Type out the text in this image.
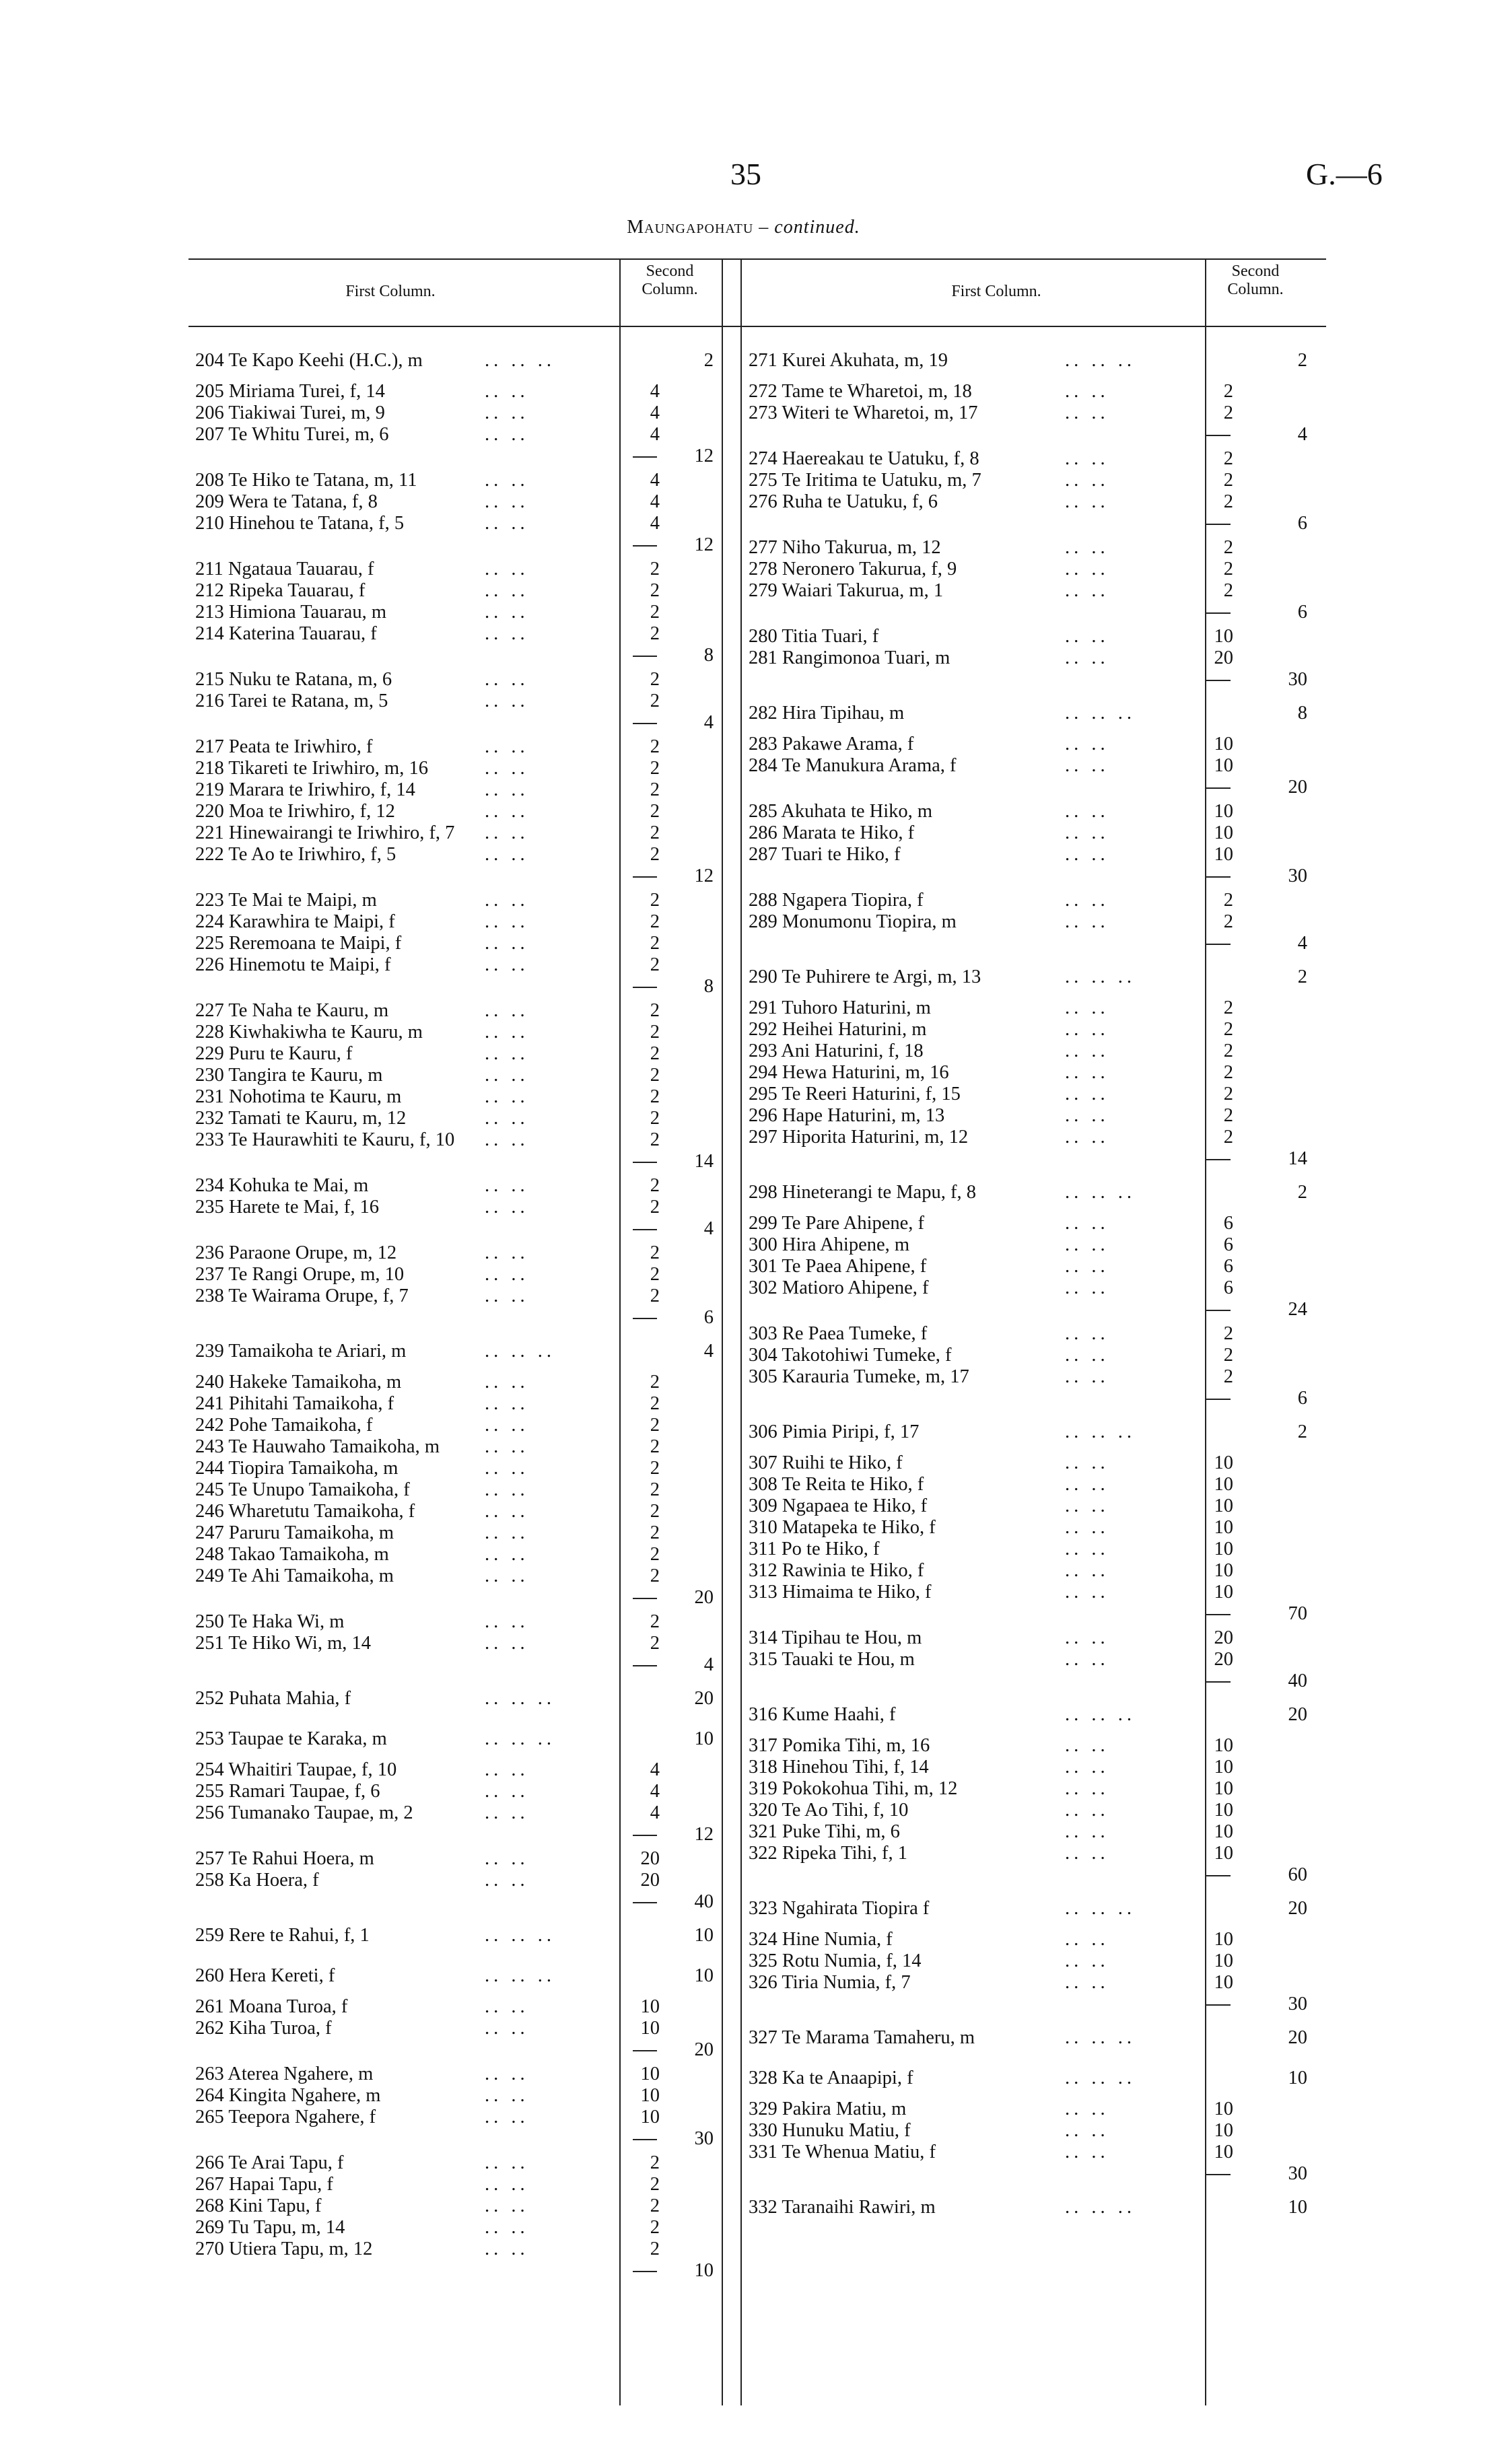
35	G.—6
Maungapohatu – continued.
First Column.
Second
Column.	First Column.
Second
Column.
204 Te Kapo Keehi (H.C.), m	.. .. ..	2
205 Miriama Turei, f, 14	.. ..	4
206 Tiakiwai Turei, m, 9	.. ..	4
207 Te Whitu Turei, m, 6	.. ..	4
12
208 Te Hiko te Tatana, m, 11	.. ..	4
209 Wera te Tatana, f, 8	.. ..	4
210 Hinehou te Tatana, f, 5	.. ..	4
12
211 Ngataua Tauarau, f	.. ..	2
212 Ripeka Tauarau, f	.. ..	2
213 Himiona Tauarau, m	.. ..	2
214 Katerina Tauarau, f	.. ..	2
8
215 Nuku te Ratana, m, 6	.. ..	2
216 Tarei te Ratana, m, 5	.. ..	2
4
217 Peata te Iriwhiro, f	.. ..	2
218 Tikareti te Iriwhiro, m, 16	.. ..	2
219 Marara te Iriwhiro, f, 14	.. ..	2
220 Moa te Iriwhiro, f, 12	.. ..	2
221 Hinewairangi te Iriwhiro, f, 7 .. ..	2
222 Te Ao te Iriwhiro, f, 5	.. ..	2
12
223 Te Mai te Maipi, m	.. ..	2
224 Karawhira te Maipi, f	.. ..	2
225 Reremoana te Maipi, f	.. ..	2
226 Hinemotu te Maipi, f	.. ..	2
8
227 Te Naha te Kauru, m	.. ..	2
228 Kiwhakiwha te Kauru, m	.. ..	2
229 Puru te Kauru, f	.. ..	2
230 Tangira te Kauru, m	.. ..	2
231 Nohotima te Kauru, m	.. ..	2
232 Tamati te Kauru, m, 12	.. ..	2
233 Te Haurawhiti te Kauru, f, 10 .. ..	2
14
234 Kohuka te Mai, m	.. ..	2
235 Harete te Mai, f, 16	.. ..	2
4
236 Paraone Orupe, m, 12	.. ..	2
237 Te Rangi Orupe, m, 10	.. ..	2
238 Te Wairama Orupe, f, 7	.. ..	2
6
239 Tamaikoha te Ariari, m	.. .. ..	4
240 Hakeke Tamaikoha, m	.. ..	2
241 Pihitahi Tamaikoha, f	.. ..	2
242 Pohe Tamaikoha, f	.. ..	2
243 Te Hauwaho Tamaikoha, m .. ..	2
244 Tiopira Tamaikoha, m	.. ..	2
245 Te Unupo Tamaikoha, f	.. ..	2
246 Wharetutu Tamaikoha, f	.. ..	2
247 Paruru Tamaikoha, m	.. ..	2
248 Takao Tamaikoha, m	.. ..	2
249 Te Ahi Tamaikoha, m	.. ..	2
20
250 Te Haka Wi, m	.. ..	2
251 Te Hiko Wi, m, 14	.. ..	2
4
252 Puhata Mahia, f	.. .. ..	20
253 Taupae te Karaka, m	.. .. ..	10
254 Whaitiri Taupae, f, 10	.. ..	4
255 Ramari Taupae, f, 6	.. ..	4
256 Tumanako Taupae, m, 2	.. ..	4
12
257 Te Rahui Hoera, m	.. ..	20
258 Ka Hoera, f	.. ..	20
40
259 Rere te Rahui, f, 1	.. .. ..	10
260 Hera Kereti, f	.. .. ..	10
261 Moana Turoa, f	.. ..	10
262 Kiha Turoa, f	.. ..	10
20
263 Aterea Ngahere, m	.. ..	10
264 Kingita Ngahere, m	.. ..	10
265 Teepora Ngahere, f	.. ..	10
30
266 Te Arai Tapu, f	.. ..	2
267 Hapai Tapu, f	.. ..	2
268 Kini Tapu, f	.. ..	2
269 Tu Tapu, m, 14	.. ..	2
270 Utiera Tapu, m, 12	.. ..	2
10
271 Kurei Akuhata, m, 19	.. .. ..	2
272 Tame te Wharetoi, m, 18	.. ..	2
273 Witeri te Wharetoi, m, 17	.. ..	2
4
274 Haereakau te Uatuku, f, 8	.. ..	2
275 Te Iritima te Uatuku, m, 7	.. ..	2
276 Ruha te Uatuku, f, 6	.. ..	2
6
277 Niho Takurua, m, 12	.. ..	2
278 Neronero Takurua, f, 9	.. ..	2
279 Waiari Takurua, m, 1	.. ..	2
6
280 Titia Tuari, f	.. ..	10
281 Rangimonoa Tuari, m	.. ..	20
30
282 Hira Tipihau, m	.. .. ..	8
283 Pakawe Arama, f	.. ..	10
284 Te Manukura Arama, f	.. ..	10
20
285 Akuhata te Hiko, m	.. ..	10
286 Marata te Hiko, f	.. ..	10
287 Tuari te Hiko, f	.. ..	10
30
288 Ngapera Tiopira, f	.. ..	2
289 Monumonu Tiopira, m	.. ..	2
4
290 Te Puhirere te Argi, m, 13	.. .. ..	2
291 Tuhoro Haturini, m	.. ..	2
292 Heihei Haturini, m	.. ..	2
293 Ani Haturini, f, 18	.. ..	2
294 Hewa Haturini, m, 16	.. ..	2
295 Te Reeri Haturini, f, 15	.. ..	2
296 Hape Haturini, m, 13	.. ..	2
297 Hiporita Haturini, m, 12	.. ..	2
14
298 Hineterangi te Mapu, f, 8	.. .. ..	2
299 Te Pare Ahipene, f	.. ..	6
300 Hira Ahipene, m	.. ..	6
301 Te Paea Ahipene, f	.. ..	6
302 Matioro Ahipene, f	.. ..	6
24
303 Re Paea Tumeke, f	.. ..	2
304 Takotohiwi Tumeke, f	.. ..	2
305 Karauria Tumeke, m, 17	.. ..	2
6
306 Pimia Piripi, f, 17	.. .. ..	2
307 Ruihi te Hiko, f	.. ..	10
308 Te Reita te Hiko, f	.. ..	10
309 Ngapaea te Hiko, f	.. ..	10
310 Matapeka te Hiko, f	.. ..	10
311 Po te Hiko, f	.. ..	10
312 Rawinia te Hiko, f	.. ..	10
313 Himaima te Hiko, f	.. ..	10
70
314 Tipihau te Hou, m	.. ..	20
315 Tauaki te Hou, m	.. ..	20
40
316 Kume Haahi, f	.. .. ..	20
317 Pomika Tihi, m, 16	.. ..	10
318 Hinehou Tihi, f, 14	.. ..	10
319 Pokokohua Tihi, m, 12	.. ..	10
320 Te Ao Tihi, f, 10	.. ..	10
321 Puke Tihi, m, 6	.. ..	10
322 Ripeka Tihi, f, 1	.. ..	10
60
323 Ngahirata Tiopira f	.. .. ..	20
324 Hine Numia, f	.. ..	10
325 Rotu Numia, f, 14	.. ..	10
326 Tiria Numia, f, 7	.. ..	10
30
327 Te Marama Tamaheru, m	.. .. ..	20
328 Ka te Anaapipi, f	.. .. ..	10
329 Pakira Matiu, m	.. ..	10
330 Hunuku Matiu, f	.. ..	10
331 Te Whenua Matiu, f	.. ..	10
30
332 Taranaihi Rawiri, m	.. .. ..	10
